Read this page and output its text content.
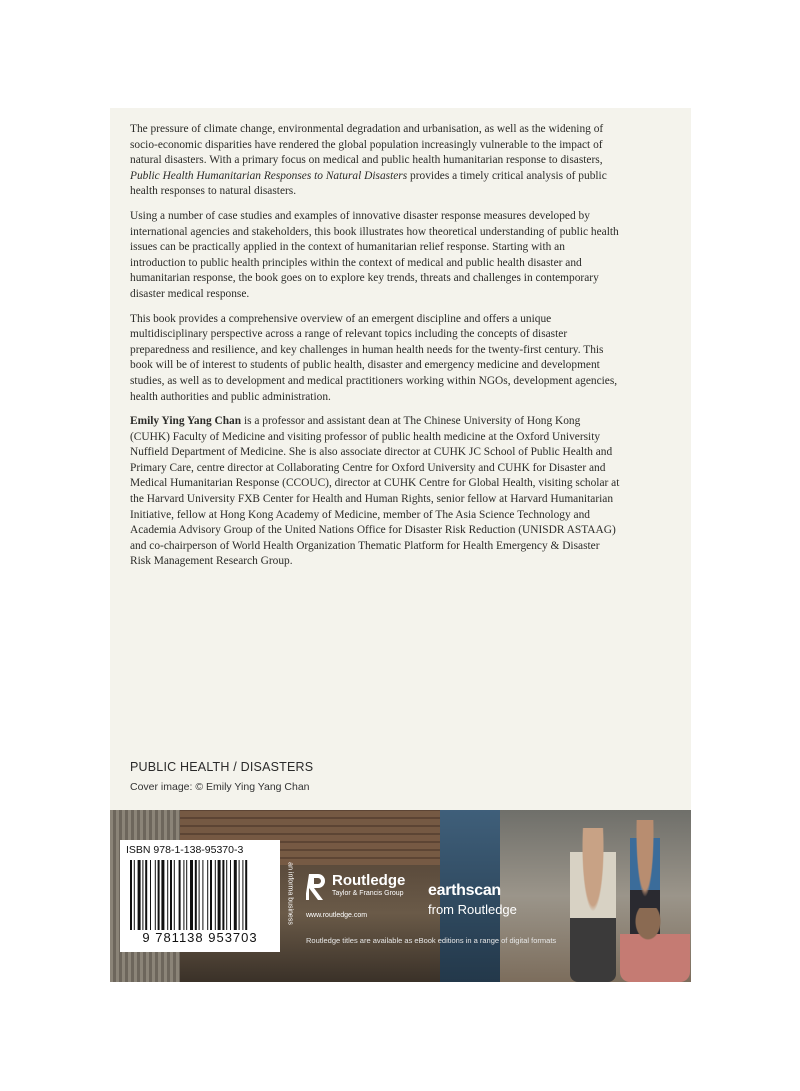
The pressure of climate change, environmental degradation and urbanisation, as well as the widening of socio-economic disparities have rendered the global population increasingly vulnerable to the impact of natural disasters. With a primary focus on medical and public health humanitarian response to disasters, Public Health Humanitarian Responses to Natural Disasters provides a timely critical analysis of public health responses to natural disasters.

Using a number of case studies and examples of innovative disaster response measures developed by international agencies and stakeholders, this book illustrates how theoretical understanding of public health issues can be practically applied in the context of humanitarian relief response. Starting with an introduction to public health principles within the context of medical and public health disaster and humanitarian response, the book goes on to explore key trends, threats and challenges in contemporary disaster medical response.

This book provides a comprehensive overview of an emergent discipline and offers a unique multidisciplinary perspective across a range of relevant topics including the concepts of disaster preparedness and resilience, and key challenges in human health needs for the twenty-first century. This book will be of interest to students of public health, disaster and emergency medicine and development studies, as well as to development and medical practitioners working within NGOs, development agencies, health authorities and public administration.

Emily Ying Yang Chan is a professor and assistant dean at The Chinese University of Hong Kong (CUHK) Faculty of Medicine and visiting professor of public health medicine at the Oxford University Nuffield Department of Medicine. She is also associate director at CUHK JC School of Public Health and Primary Care, centre director at Collaborating Centre for Oxford University and CUHK for Disaster and Medical Humanitarian Response (CCOUC), director at CUHK Centre for Global Health, visiting scholar at the Harvard University FXB Center for Health and Human Rights, senior fellow at Harvard Humanitarian Initiative, fellow at Hong Kong Academy of Medicine, member of The Asia Science Technology and Academia Advisory Group of the United Nations Office for Disaster Risk Reduction (UNISDR ASTAAG) and co-chairperson of World Health Organization Thematic Platform for Health Emergency & Disaster Risk Management Research Group.

PUBLIC HEALTH / DISASTERS
Cover image: © Emily Ying Yang Chan
ISBN 978-1-138-95370-3
9 781138 953703
an informa business	Routledge
Taylor & Francis Group
www.routledge.com
earthscan
from Routledge
Routledge titles are available as eBook editions in a range of digital formats
